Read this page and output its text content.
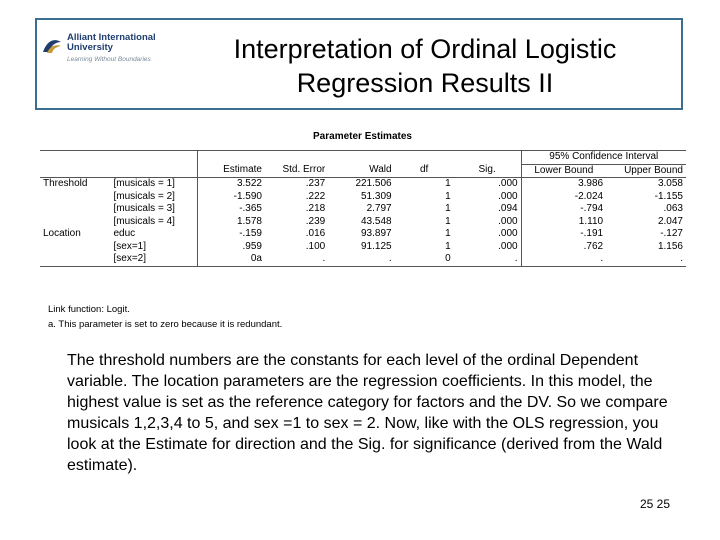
Alliant International
University
Learning Without Boundaries	Interpretation of Ordinal Logistic
Regression Results II
Parameter Estimates
							95% Confidence Interval	
		Estimate	Std. Error	Wald	df	Sig.	Lower Bound	Upper Bound
Threshold	[musicals = 1]	3.522	.237	221.506	1	.000	3.986	3.058
	[musicals = 2]	-1.590	.222	51.309	1	.000	-2.024	-1.155
	[musicals = 3]	-.365	.218	2.797	1	.094	-.794	.063
	[musicals = 4]	1.578	.239	43.548	1	.000	1.110	2.047
Location	educ	-.159	.016	93.897	1	.000	-.191	-.127
	[sex=1]	.959	.100	91.125	1	.000	.762	1.156
	[sex=2]	0a	.	.	0	.	.	.
Link function: Logit.
a. This parameter is set to zero because it is redundant.
The threshold numbers are the constants for each level of the ordinal Dependent variable. The location parameters are the regression coefficients. In this model, the highest value is set as the reference category for factors and the DV. So we compare musicals 1,2,3,4 to 5, and sex =1 to sex = 2. Now, like with the OLS regression, you look at the Estimate for direction and the Sig. for significance (derived from the Wald estimate).
25 25
